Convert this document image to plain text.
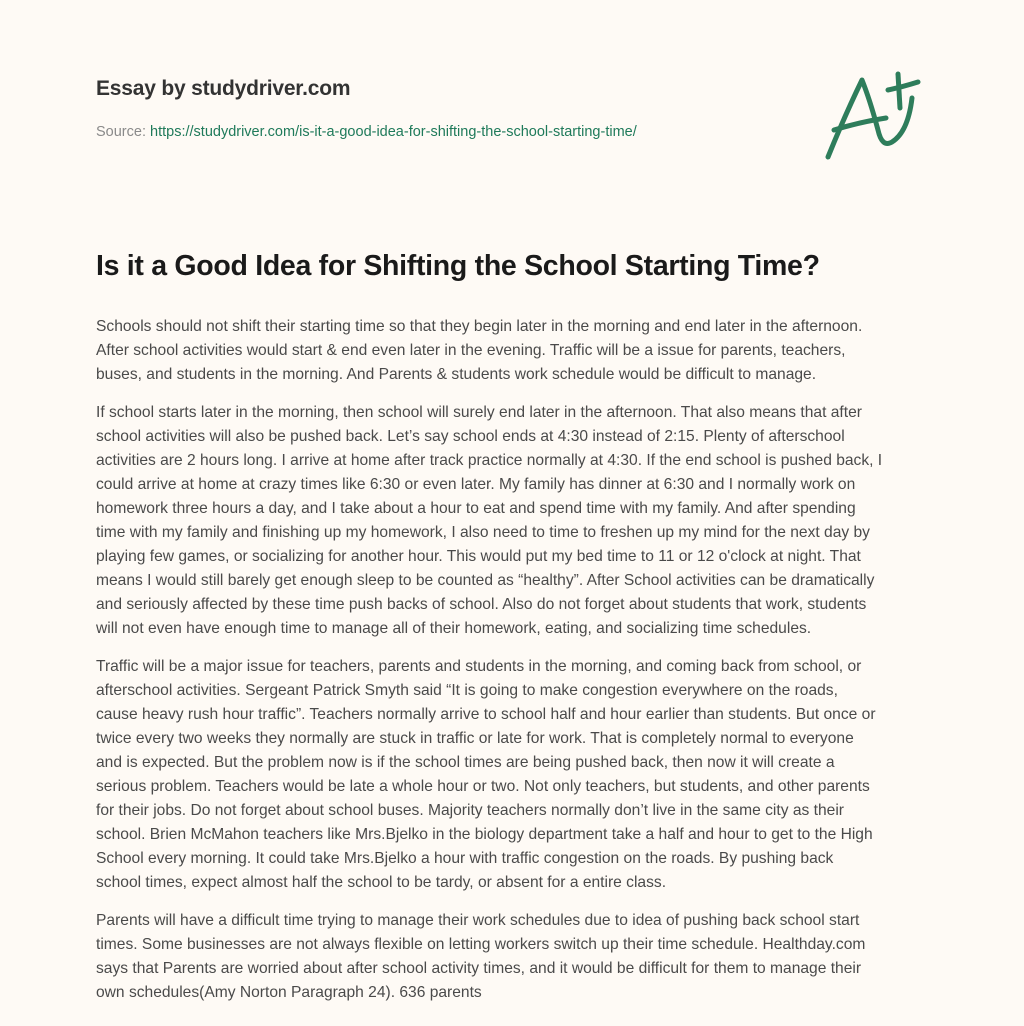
Essay by studydriver.com
Source: https://studydriver.com/is-it-a-good-idea-for-shifting-the-school-starting-time/
Is it a Good Idea for Shifting the School Starting Time?

Schools should not shift their starting time so that they begin later in the morning and end later in the afternoon.
After school activities would start & end even later in the evening. Traffic will be a issue for parents, teachers,
buses, and students in the morning. And Parents & students work schedule would be difficult to manage.

If school starts later in the morning, then school will surely end later in the afternoon. That also means that after
school activities will also be pushed back. Let’s say school ends at 4:30 instead of 2:15. Plenty of afterschool
activities are 2 hours long. I arrive at home after track practice normally at 4:30. If the end school is pushed back, I
could arrive at home at crazy times like 6:30 or even later. My family has dinner at 6:30 and I normally work on
homework three hours a day, and I take about a hour to eat and spend time with my family. And after spending
time with my family and finishing up my homework, I also need to time to freshen up my mind for the next day by
playing few games, or socializing for another hour. This would put my bed time to 11 or 12 o'clock at night. That
means I would still barely get enough sleep to be counted as “healthy”. After School activities can be dramatically
and seriously affected by these time push backs of school. Also do not forget about students that work, students
will not even have enough time to manage all of their homework, eating, and socializing time schedules.

Traffic will be a major issue for teachers, parents and students in the morning, and coming back from school, or
afterschool activities. Sergeant Patrick Smyth said “It is going to make congestion everywhere on the roads,
cause heavy rush hour traffic”. Teachers normally arrive to school half and hour earlier than students. But once or
twice every two weeks they normally are stuck in traffic or late for work. That is completely normal to everyone
and is expected. But the problem now is if the school times are being pushed back, then now it will create a
serious problem. Teachers would be late a whole hour or two. Not only teachers, but students, and other parents
for their jobs. Do not forget about school buses. Majority teachers normally don’t live in the same city as their
school. Brien McMahon teachers like Mrs.Bjelko in the biology department take a half and hour to get to the High
School every morning. It could take Mrs.Bjelko a hour with traffic congestion on the roads. By pushing back
school times, expect almost half the school to be tardy, or absent for a entire class.

Parents will have a difficult time trying to manage their work schedules due to idea of pushing back school start
times. Some businesses are not always flexible on letting workers switch up their time schedule. Healthday.com
says that Parents are worried about after school activity times, and it would be difficult for them to manage their
own schedules(Amy Norton Paragraph 24). 636 parents
